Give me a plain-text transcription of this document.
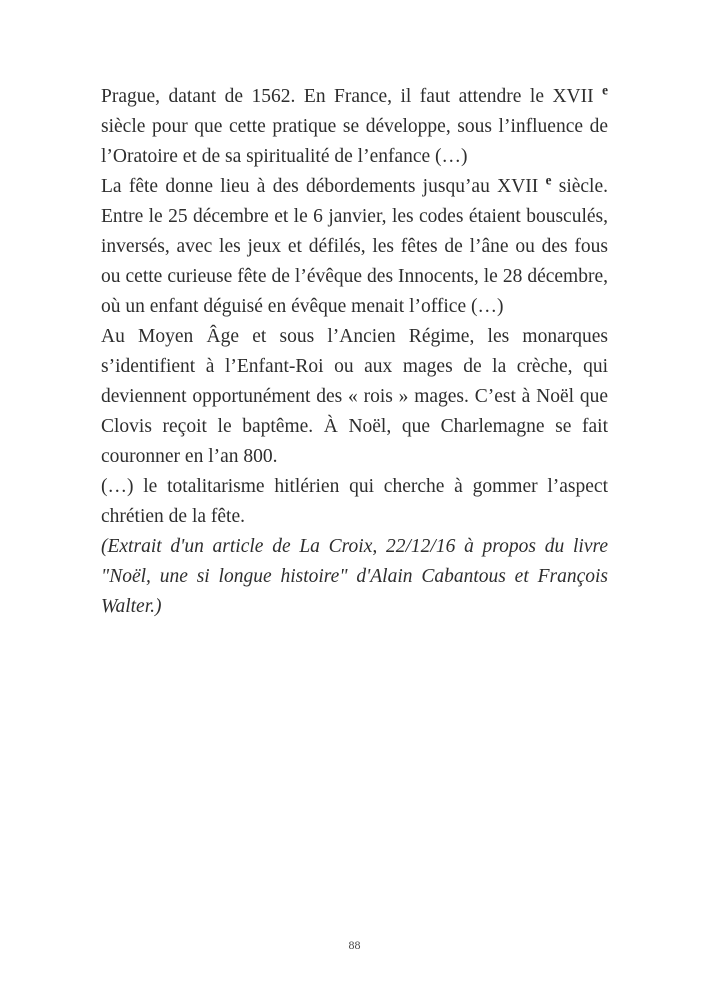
Prague, datant de 1562. En France, il faut attendre le XVII $^e$ siècle pour que cette pratique se développe, sous l’influence de l’Oratoire et de sa spiritualité de l’enfance (…)

La fête donne lieu à des débordements jusqu’au XVII $^e$ siècle. Entre le 25 décembre et le 6 janvier, les codes étaient bousculés, inversés, avec les jeux et défilés, les fêtes de l’âne ou des fous ou cette curieuse fête de l’évêque des Innocents, le 28 décembre, où un enfant déguisé en évêque menait l’office (…)

Au Moyen Âge et sous l’Ancien Régime, les monarques s’identifient à l’Enfant-Roi ou aux mages de la crèche, qui deviennent opportunément des « rois » mages. C’est à Noël que Clovis reçoit le baptême. À Noël, que Charlemagne se fait couronner en l’an 800.

(…) le totalitarisme hitlérien qui cherche à gommer l’aspect chrétien de la fête.

(Extrait d'un article de La Croix, 22/12/16 à propos du livre "Noël, une si longue histoire" d'Alain Cabantous et François Walter.)

88
